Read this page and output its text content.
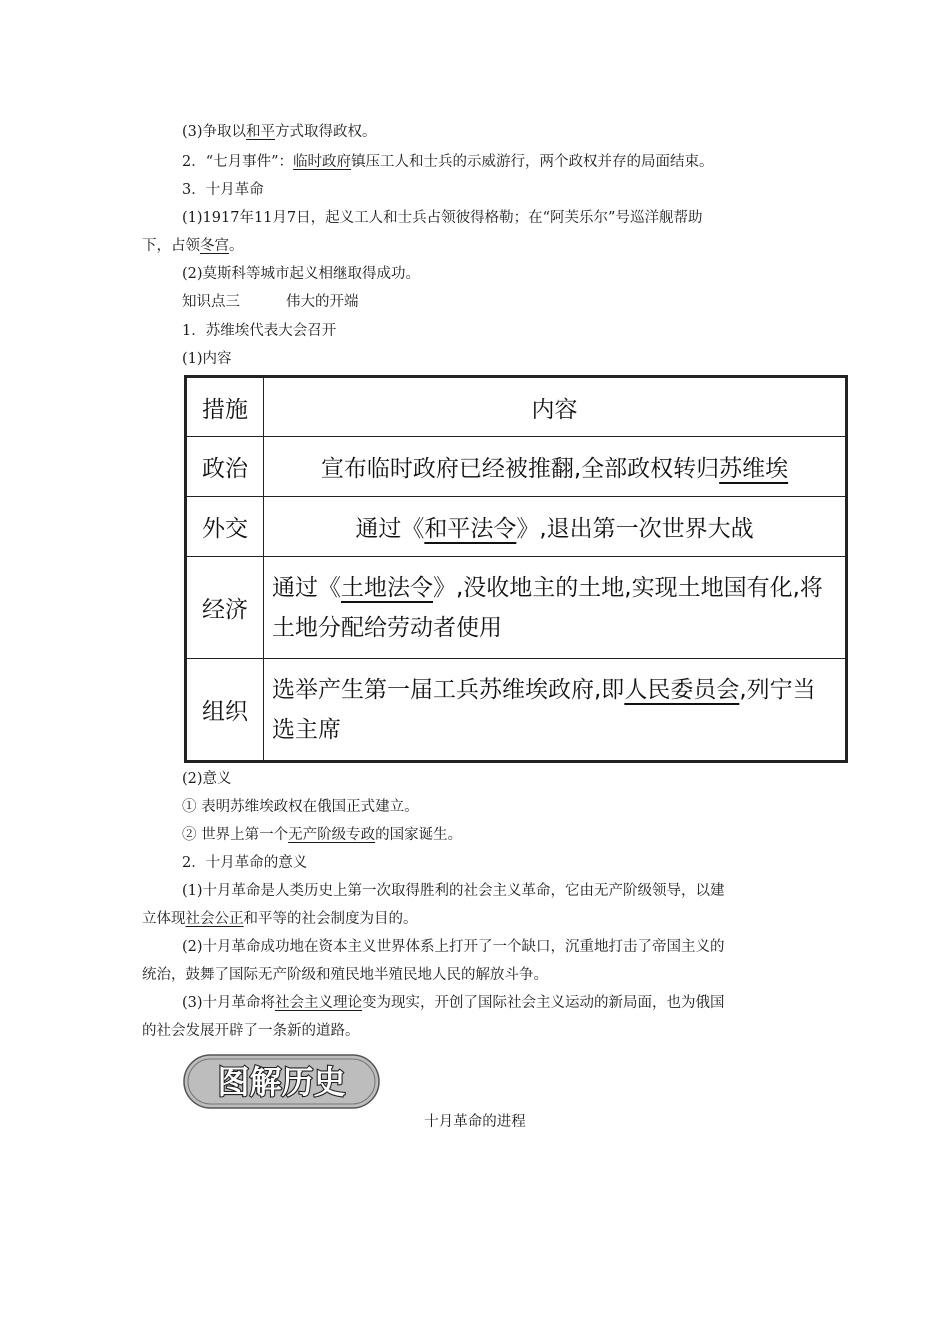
(3)争取以和平方式取得政权。
2．“七月事件”：临时政府镇压工人和士兵的示威游行，两个政权并存的局面结束。
3．十月革命
(1)1917年11月7日，起义工人和士兵占领彼得格勒；在“阿芙乐尔”号巡洋舰帮助
下，占领冬宫。
(2)莫斯科等城市起义相继取得成功。
知识点三	伟大的开端
1．苏维埃代表大会召开
(1)内容
措施	内容
政治	宣布临时政府已经被推翻,全部政权转归苏维埃
外交	通过《和平法令》,退出第一次世界大战
经济	通过《土地法令》,没收地主的土地,实现土地国有化,将土地分配给劳动者使用
组织	选举产生第一届工兵苏维埃政府,即人民委员会,列宁当选主席
(2)意义
① 表明苏维埃政权在俄国正式建立。
② 世界上第一个无产阶级专政的国家诞生。
2．十月革命的意义
(1)十月革命是人类历史上第一次取得胜利的社会主义革命，它由无产阶级领导，以建
立体现社会公正和平等的社会制度为目的。
(2)十月革命成功地在资本主义世界体系上打开了一个缺口，沉重地打击了帝国主义的
统治，鼓舞了国际无产阶级和殖民地半殖民地人民的解放斗争。
(3)十月革命将社会主义理论变为现实，开创了国际社会主义运动的新局面，也为俄国
的社会发展开辟了一条新的道路。
图解历史
十月革命的进程
